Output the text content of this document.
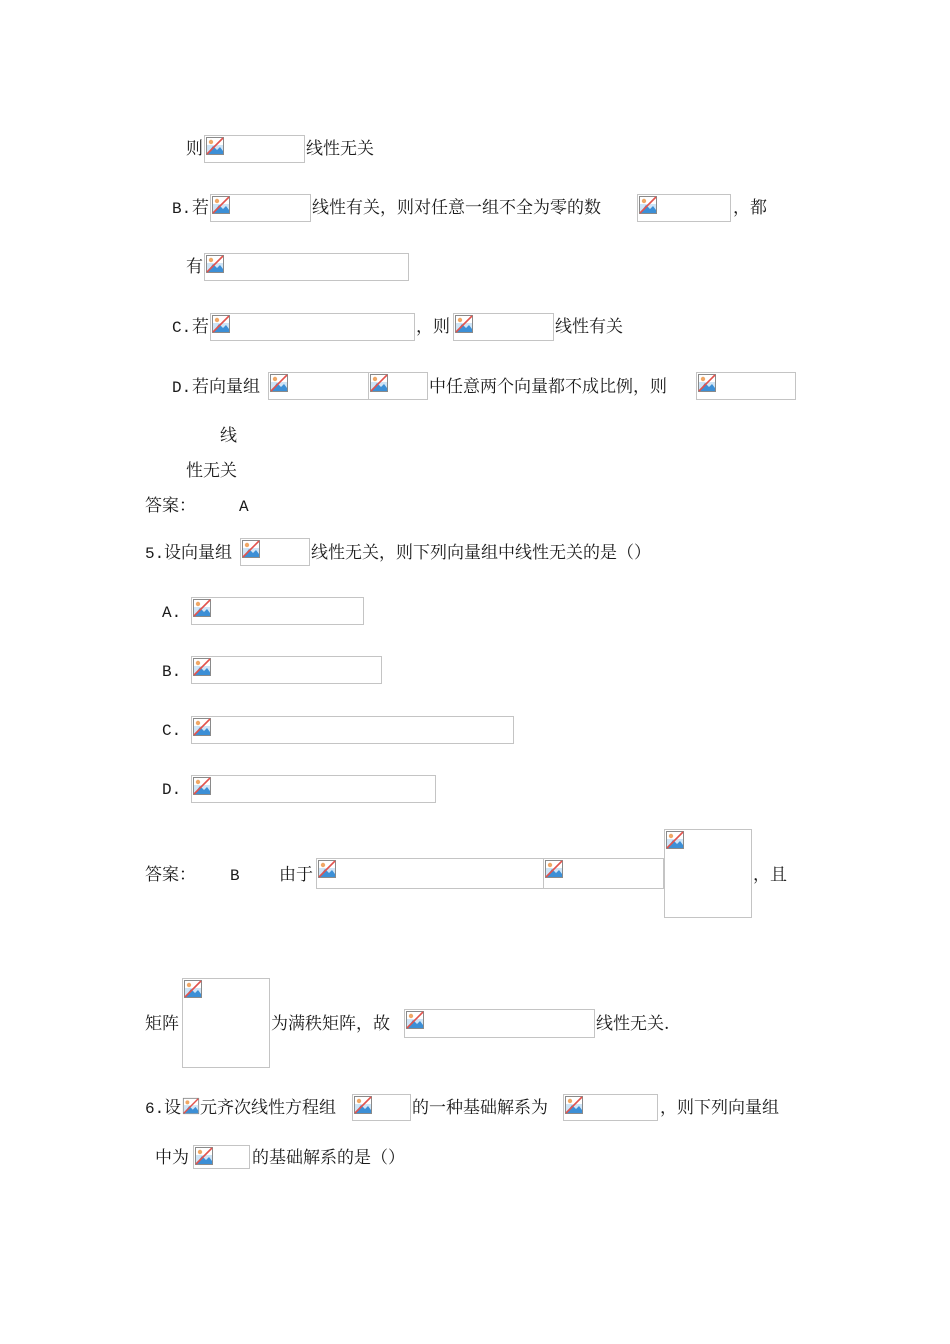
则	线性无关
B. 若	线性有关，则对任意一组不全为零的数	，都
有
C. 若	，则	线性有关
D. 若向量组	中任意两个向量都不成比例，则
线
性无关
答案：	A
5. 设向量组	线性无关，则下列向量组中线性无关的是（）
A.
B.
C.
D.
答案： B 由于	，且
矩阵	为满秩矩阵，故	线性无关.
6. 设 元齐次线性方程组	的一种基础解系为	，则下列向量组
中为	的基础解系的是（）
